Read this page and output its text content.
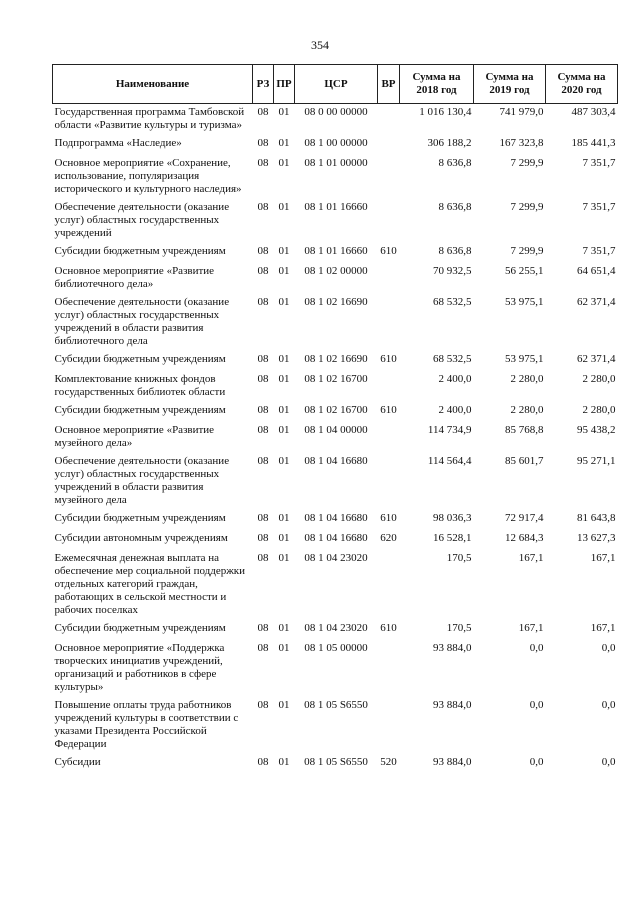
354
Наименование	РЗ	ПР	ЦСР	ВР	Сумма на 2018 год	Сумма на 2019 год	Сумма на 2020 год
Государственная программа Тамбовской области «Развитие культуры и туризма»	08	01	08 0 00 00000		1 016 130,4	741 979,0	487 303,4
Подпрограмма «Наследие»	08	01	08 1 00 00000		306 188,2	167 323,8	185 441,3
Основное мероприятие «Сохранение, использование, популяризация исторического и культурного наследия»	08	01	08 1 01 00000		8 636,8	7 299,9	7 351,7
Обеспечение деятельности (оказание услуг) областных государственных учреждений	08	01	08 1 01 16660		8 636,8	7 299,9	7 351,7
Субсидии бюджетным учреждениям	08	01	08 1 01 16660	610	8 636,8	7 299,9	7 351,7
Основное мероприятие «Развитие библиотечного дела»	08	01	08 1 02 00000		70 932,5	56 255,1	64 651,4
Обеспечение деятельности (оказание услуг) областных государственных учреждений в области развития библиотечного дела	08	01	08 1 02 16690		68 532,5	53 975,1	62 371,4
Субсидии бюджетным учреждениям	08	01	08 1 02 16690	610	68 532,5	53 975,1	62 371,4
Комплектование книжных фондов государственных библиотек области	08	01	08 1 02 16700		2 400,0	2 280,0	2 280,0
Субсидии бюджетным учреждениям	08	01	08 1 02 16700	610	2 400,0	2 280,0	2 280,0
Основное мероприятие «Развитие музейного дела»	08	01	08 1 04 00000		114 734,9	85 768,8	95 438,2
Обеспечение деятельности (оказание услуг) областных государственных учреждений в области развития музейного дела	08	01	08 1 04 16680		114 564,4	85 601,7	95 271,1
Субсидии бюджетным учреждениям	08	01	08 1 04 16680	610	98 036,3	72 917,4	81 643,8
Субсидии автономным учреждениям	08	01	08 1 04 16680	620	16 528,1	12 684,3	13 627,3
Ежемесячная денежная выплата на обеспечение мер социальной поддержки отдельных категорий граждан, работающих в сельской местности и рабочих поселках	08	01	08 1 04 23020		170,5	167,1	167,1
Субсидии бюджетным учреждениям	08	01	08 1 04 23020	610	170,5	167,1	167,1
Основное мероприятие «Поддержка творческих инициатив учреждений, организаций и работников в сфере культуры»	08	01	08 1 05 00000		93 884,0	0,0	0,0
Повышение оплаты труда работников учреждений культуры в соответствии с указами Президента Российской Федерации	08	01	08 1 05 S6550		93 884,0	0,0	0,0
Субсидии	08	01	08 1 05 S6550	520	93 884,0	0,0	0,0
